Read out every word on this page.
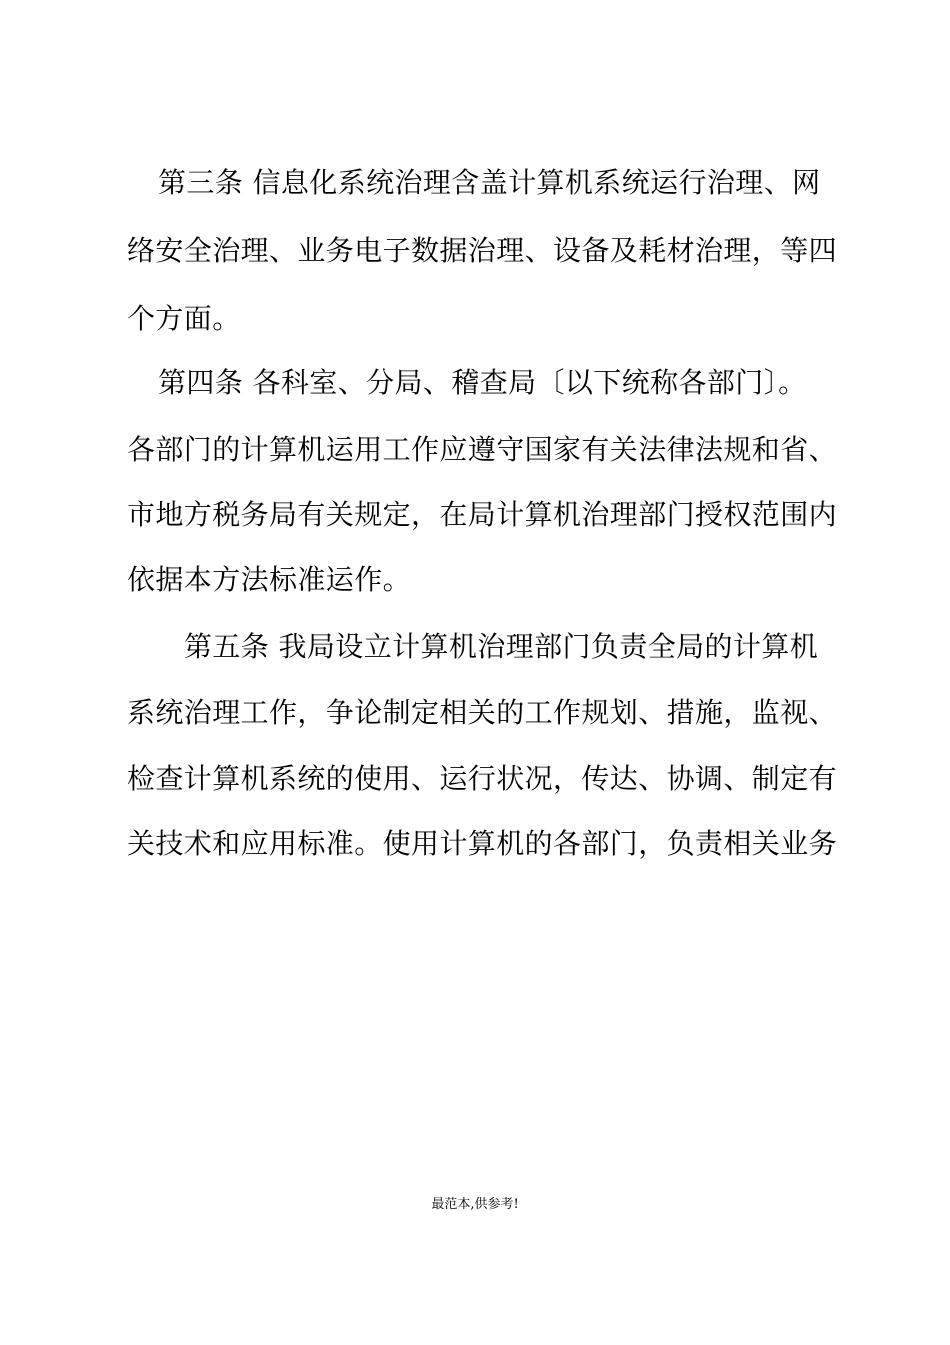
第三条 信息化系统治理含盖计算机系统运行治理、网
络安全治理、业务电子数据治理、设备及耗材治理，等四
个方面。
第四条 各科室、分局、稽查局〔以下统称各部门〕。
各部门的计算机运用工作应遵守国家有关法律法规和省、
市地方税务局有关规定，在局计算机治理部门授权范围内
依据本方法标准运作。
第五条 我局设立计算机治理部门负责全局的计算机
系统治理工作，争论制定相关的工作规划、措施，监视、
检查计算机系统的使用、运行状况，传达、协调、制定有
关技术和应用标准。使用计算机的各部门，负责相关业务
最范本,供参考!
